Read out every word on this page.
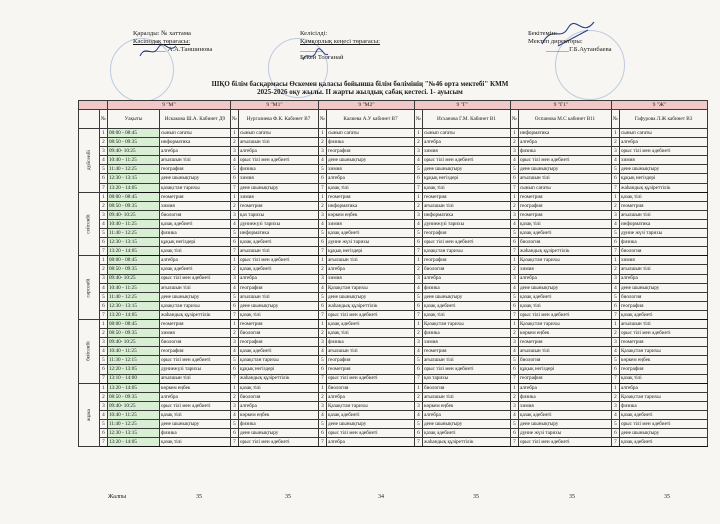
Қаралды: № хаттама
Кәсіподақ төрағасы:
_______ А.А.Таншинова
Келісілді:
Қамқорлық кеңесі төрағасы:
_______
Бекей Толғанай
Бекітемін:
Мектеп директоры:
_______Г.Б.Аутанбаева
ШҚО білім басқармасы Өскемен қаласы бойынша білім бөлімінің "№46 орта мектебі" КММ
2025-2026 оқу жылы. II жарты жылдық сабақ кестесі. 1- ауысым
		9 "М"		9 "М1"		9 "М2"		9 "Г"		9 "Г1"		9 "Ж"	
	№	Уақыты	Искакова Ш.А. Кабинет Д9	№	Нургазиева Ф.К. Кабинет В7	№	Калиева А.У кабинет В7	№	Исханова Г.М. Кабинет В1	№	Оспанова М.С кабинет В11	№	Гафурова Л.Ж кабинет В3
дүйсенбі	1	08:00 - 08:45	сынып сағаты	1	сынып сағаты	1	сынып сағаты	1	сынып сағаты	1	информатика	1	сынып сағаты
	2	08:50 - 09:35	информатика	2	ағылшын тілі	2	физика	2	алгебра	2	алгебра	2	алгебра
	3	09:40- 10:25	алгебра	3	алгебра	3	география	3	химия	3	физика	3	орыс тілі мен әдебиеті
	4	10:40 - 11:25	ағылшын тілі	4	орыс тілі мен әдебиеті	4	дене шынықтыру	4	орыс тілі мен әдебиеті	4	орыс тілі мен әдебиеті	4	химия
	5	11:40 - 12:25	география	5	физика	5	химия	5	дене шынықтыру	5	дене шынықтыру	5	дене шынықтыру
	6	12:30 - 13:15	дене шынықтыру	6	химия	6	алгебра	6	құқық негіздері	6	ағылшын тілі	6	құқық негіздері
	7	13:20 - 14:05	қазақстан тарихы	7	дене шынықтыру	7	қазақ тілі	7	қазақ тілі	7	сынып сағаты	7	жаһандық құзіреттілік
сейсенбі	1	08:00 - 08:45	геометрия	1	химия	1	геометрия	1	геометрия	1	геометрия	1	қазақ тілі
	2	08:50 - 09:35	химия	2	геометрия	2	информатика	2	ағылшын тілі	2	география	2	геометрия
	3	09:40- 10:25	биология	3	қаз тарихы	3	көркем еңбек	3	информатика	3	геометрия	3	ағылшын тілі
	4	10:40 - 11:25	қазақ әдебиеті	4	дүниежүзі тарихы	4	химия	4	дүниежүзі тарихы	4	қазақ тілі	4	информатика
	5	11:40 - 12:25	физика	5	информатика	5	қазақ әдебиеті	5	география	5	қазақ әдебиеті	5	дүние жүзі тарихы
	6	12:30 - 13:15	құқық негіздері	6	қазақ әдебиеті	6	дүние жүзі тарихы	6	орыс тілі мен әдебиеті	6	биология	6	физика
	7	13:20 - 14:05	қазақ тілі	7	ағылшын тілі	7	құқық негіздері	7	қазақстан тарихы	7	жаһандық құзіреттілік	7	биология
сәрсенбі	1	08:00 - 08:45	алгебра	1	орыс тілі мен әдебиеті	1	ағылшын тілі	1	география	1	Қазақстан тарихы	1	химия
	2	08:50 - 09:35	қазақ әдебиеті	2	қазақ әдебиеті	2	алгебра	2	биология	2	химия	2	ағылшын тілі
	3	09:40- 10:25	орыс тілі мен әдебиеті	3	алгебра	3	химия	3	алгебра	3	алгебра	3	алгебра
	4	10:40 - 11:25	ағылшын тілі	4	география	4	Қазақстан тарихы	4	физика	4	дене шынықтыру	4	дене шынықтыру
	5	11:40 - 12:25	дене шынықтыру	5	ағылшын тілі	5	дене шынықтыру	5	дене шынықтыру	5	қазақ әдебиеті	5	биология
	6	12:30 - 13:15	қазақстан тарихы	6	дене шынықтыру	6	жаһандық құзіреттілік	6	қазақ әдебиеті	6	қазақ тілі	6	география
	7	13:20 - 14:05	жаһандық құзіреттілік	7	қазақ тілі	7	орыс тілі мен әдебиеті	7	қазақ тілі	7	орыс тілі мен әдебиеті	7	қазақ әдебиеті
бейсенбі	1	08:00 - 08:45	геометрия	1	геометрия	1	қазақ әдебиеті	1	Қазақстан тарихы	1	Қазақстан тарихы	1	ағылшын тілі
	2	08:50 - 09:35	химия	2	биология	2	қазақ тілі	2	физика	2	көркем еңбек	2	орыс тілі мен әдебиеті
	3	09:40- 10:25	биология	3	география	3	физика	3	химия	3	геометрия	3	геометрия
	4	10:40 - 11:25	география	4	қазақ әдебиеті	4	ағылшын тілі	4	геометрия	4	ағылшын тілі	4	Қазақстан тарихы
	5	11:30 - 12:15	орыс тілі мен әдебиеті	5	қазақстан тарихы	5	география	5	ағылшын тілі	5	биология	5	көркем еңбек
	6	12:20 - 13:05	дүниежүзі тарихы	6	құқық негіздері	6	геометрия	6	орыс тілі мен әдебиеті	6	құқық негіздері	6	география
	7	13:10 - 14:00	ағылшын тілі	7	жаһандық құзіреттілік	7	орыс тілі мен әдебиеті	7	қаз тарихы	7	география	7	қазақ тілі
жұма	1	13:20 - 14:05	көркем еңбек	1	қазақ тілі	1	биология	1	биология	1	алгебра	1	алгебра
	2	08:50 - 09:35	алгебра	2	биология	2	алгебра	2	ағылшын тілі	2	физика	2	Қазақстан тарихы
	3	09:40- 10:25	орыс тілі мен әдебиеті	3	алгебра	3	Қазақстан тарихы	3	көркем еңбек	3	химия	3	физика
	4	10:40 - 11:25	қазақ тілі	4	көркем еңбек	4	қазақ әдебиеті	4	алгебра	4	қазақ әдебиеті	4	қазақ әдебиеті
	5	11:40 - 12:25	дене шынықтыру	5	физика	5	дене шынықтыру	5	дене шынықтыру	5	дене шынықтыру	5	орыс тілі мен әдебиеті
	6	12:30 - 13:15	физика	6	дене шынықтыру	6	орыс тілі мен әдебиеті	6	қазақ әдебиеті	6	дүние жүзі тарихы	6	дене шынықтыру
	7	13:20 - 14:05	қазақ тілі	7	орыс тілі мен әдебиеті	7	алгебра	7	жаһандық құзіреттілік	7	орыс тілі мен әдебиеті	7	қазақ әдебиеті
Жалпы	35	35	34	35	35	35
